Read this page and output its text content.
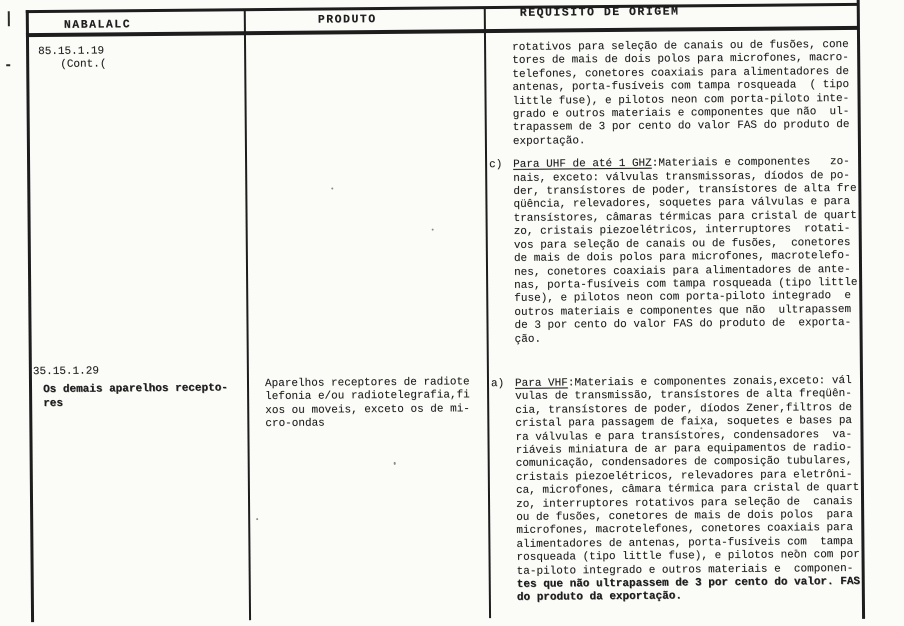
NABALALC	PRODUTO
REQUISITO DE ORIGEM
85.15.1.19
(Cont.(
35.15.1.29
Os demais aparelhos recepto-
res
Aparelhos receptores de radiote
lefonia e/ou radiotelegrafia,fi
xos ou moveis, exceto os de mi-
cro-ondas
rotativos para seleção de canais ou de fusões, cone
tores de mais de dois polos para microfones, macro-
telefones, conetores coaxiais para alimentadores de
antenas, porta-fusíveis com tampa rosqueada  ( tipo
little fuse), e pilotos neon com porta-piloto inte-
grado e outros materiais e componentes que não  ul-
trapassem de 3 por cento do valor FAS do produto de
exportação.
c) Para UHF de até 1 GHZ:Materiais e componentes   zo-
nais, exceto: válvulas transmissoras, díodos de po-
der, transístores de poder, transístores de alta fre
qüência, relevadores, soquetes para válvulas e para
transístores, câmaras térmicas para cristal de quart
zo, cristais piezoelétricos, interruptores  rotati-
vos para seleção de canais ou de fusões,  conetores
de mais de dois polos para microfones, macrotelefo-
nes, conetores coaxiais para alimentadores de ante-
nas, porta-fusíveis com tampa rosqueada (tipo little
fuse), e pilotos neon com porta-piloto integrado  e
outros materiais e componentes que não  ultrapassem
de 3 por cento do valor FAS do produto de  exporta-
ção.
a) Para VHF:Materiais e componentes zonais,exceto: vál
vulas de transmissão, transístores de alta freqüên-
cia, transístores de poder, díodos Zener,filtros de
cristal para passagem de faixa, soquetes e bases pa
ra válvulas e para transístores, condensadores  va-
riáveis miniatura de ar para equipamentos de radio-
comunicação, condensadores de composição tubulares,
cristais piezoelétricos, relevadores para eletrôni-
ca, microfones, câmara térmica para cristal de quart
zo, interruptores rotativos para seleção de  canais
ou de fusões, conetores de mais de dois polos  para
microfones, macrotelefones, conetores coaxiais para
alimentadores de antenas, porta-fusíveis com  tampa
rosqueada (tipo little fuse), e pilotos neon com por
ta-piloto integrado e outros materiais e  componen-
tes que não ultrapassem de 3 por cento do valor. FAS
do produto da exportação.
